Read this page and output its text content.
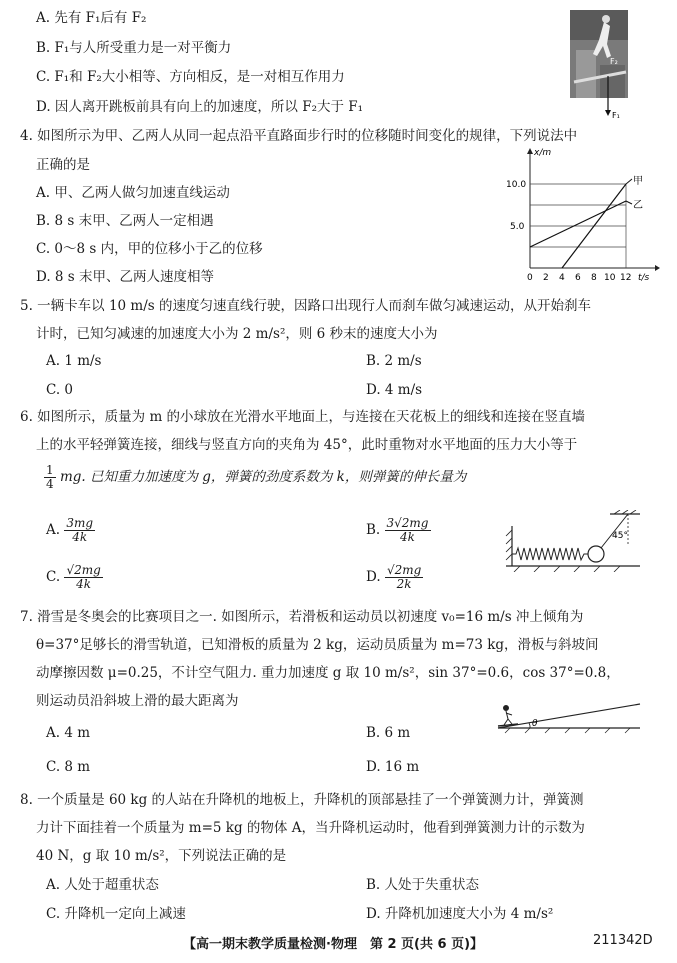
A. 先有 F₁后有 F₂
B. F₁与人所受重力是一对平衡力
C. F₁和 F₂大小相等、方向相反，是一对相互作用力
D. 因人离开跳板前具有向上的加速度，所以 F₂大于 F₁
F₁
F₂
4. 如图所示为甲、乙两人从同一起点沿平直路面步行时的位移随时间变化的规律，下列说法中
正确的是
A. 甲、乙两人做匀加速直线运动
B. 8 s 末甲、乙两人一定相遇
C. 0～8 s 内，甲的位移小于乙的位移
D. 8 s 末甲、乙两人速度相等
甲
乙
x/m
10.0
5.0
0 2 4 6 8 10 12 t/s
5. 一辆卡车以 10 m/s 的速度匀速直线行驶，因路口出现行人而刹车做匀减速运动，从开始刹车
计时，已知匀减速的加速度大小为 2 m/s²，则 6 秒末的速度大小为
A. 1 m/s	B. 2 m/s
C. 0	D. 4 m/s
6. 如图所示，质量为 m 的小球放在光滑水平地面上，与连接在天花板上的细线和连接在竖直墙
上的水平轻弹簧连接，细线与竖直方向的夹角为 45°，此时重物对水平地面的压力大小等于
$\frac{1}{4}$ mg. 已知重力加速度为 g，弹簧的劲度系数为 k，则弹簧的伸长量为
A. $\frac{3mg}{4k}$	B. $\frac{3√2mg}{4k}$
C. $\frac{√2mg}{4k}$	D. $\frac{√2mg}{2k}$
45°
7. 滑雪是冬奥会的比赛项目之一. 如图所示，若滑板和运动员以初速度 v₀=16 m/s 冲上倾角为
θ=37°足够长的滑雪轨道，已知滑板的质量为 2 kg，运动员质量为 m=73 kg，滑板与斜坡间
动摩擦因数 μ=0.25，不计空气阻力. 重力加速度 g 取 10 m/s²，sin 37°=0.6，cos 37°=0.8，
则运动员沿斜坡上滑的最大距离为
A. 4 m	B. 6 m
C. 8 m	D. 16 m
θ
8. 一个质量是 60 kg 的人站在升降机的地板上，升降机的顶部悬挂了一个弹簧测力计，弹簧测
力计下面挂着一个质量为 m=5 kg 的物体 A，当升降机运动时，他看到弹簧测力计的示数为
40 N，g 取 10 m/s²，下列说法正确的是
A. 人处于超重状态	B. 人处于失重状态
C. 升降机一定向上减速	D. 升降机加速度大小为 4 m/s²
【高一期末教学质量检测·物理　第 2 页(共 6 页)】	211342D
